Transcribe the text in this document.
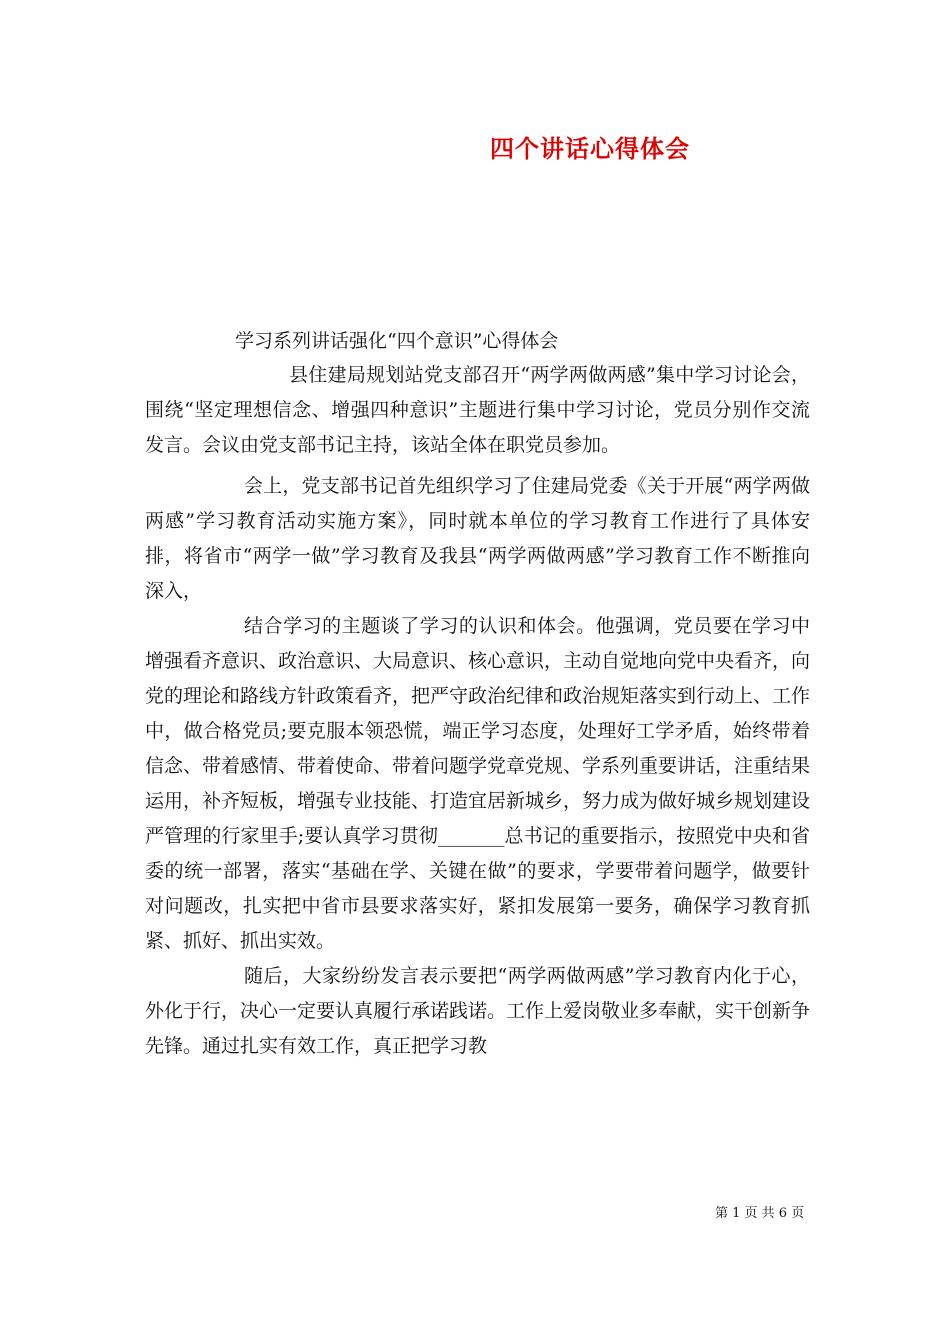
四个讲话心得体会

学习系列讲话强化“四个意识”心得体会

县住建局规划站党支部召开“两学两做两感”集中学习讨论会，围绕“坚定理想信念、增强四种意识”主题进行集中学习讨论，党员分别作交流发言。会议由党支部书记主持，该站全体在职党员参加。

会上，党支部书记首先组织学习了住建局党委《关于开展“两学两做两感”学习教育活动实施方案》，同时就本单位的学习教育工作进行了具体安排，将省市“两学一做”学习教育及我县“两学两做两感”学习教育工作不断推向深入，

结合学习的主题谈了学习的认识和体会。他强调，党员要在学习中增强看齐意识、政治意识、大局意识、核心意识，主动自觉地向党中央看齐，向党的理论和路线方针政策看齐，把严守政治纪律和政治规矩落实到行动上、工作中，做合格党员;要克服本领恐慌，端正学习态度，处理好工学矛盾，始终带着信念、带着感情、带着使命、带着问题学党章党规、学系列重要讲话，注重结果运用，补齐短板，增强专业技能、打造宜居新城乡，努力成为做好城乡规划建设严管理的行家里手;要认真学习贯彻_______总书记的重要指示，按照党中央和省委的统一部署，落实“基础在学、关键在做”的要求，学要带着问题学，做要针对问题改，扎实把中省市县要求落实好，紧扣发展第一要务，确保学习教育抓紧、抓好、抓出实效。

随后，大家纷纷发言表示要把“两学两做两感”学习教育内化于心，外化于行，决心一定要认真履行承诺践诺。工作上爱岗敬业多奉献，实干创新争先锋。通过扎实有效工作，真正把学习教

第 1 页 共 6 页
